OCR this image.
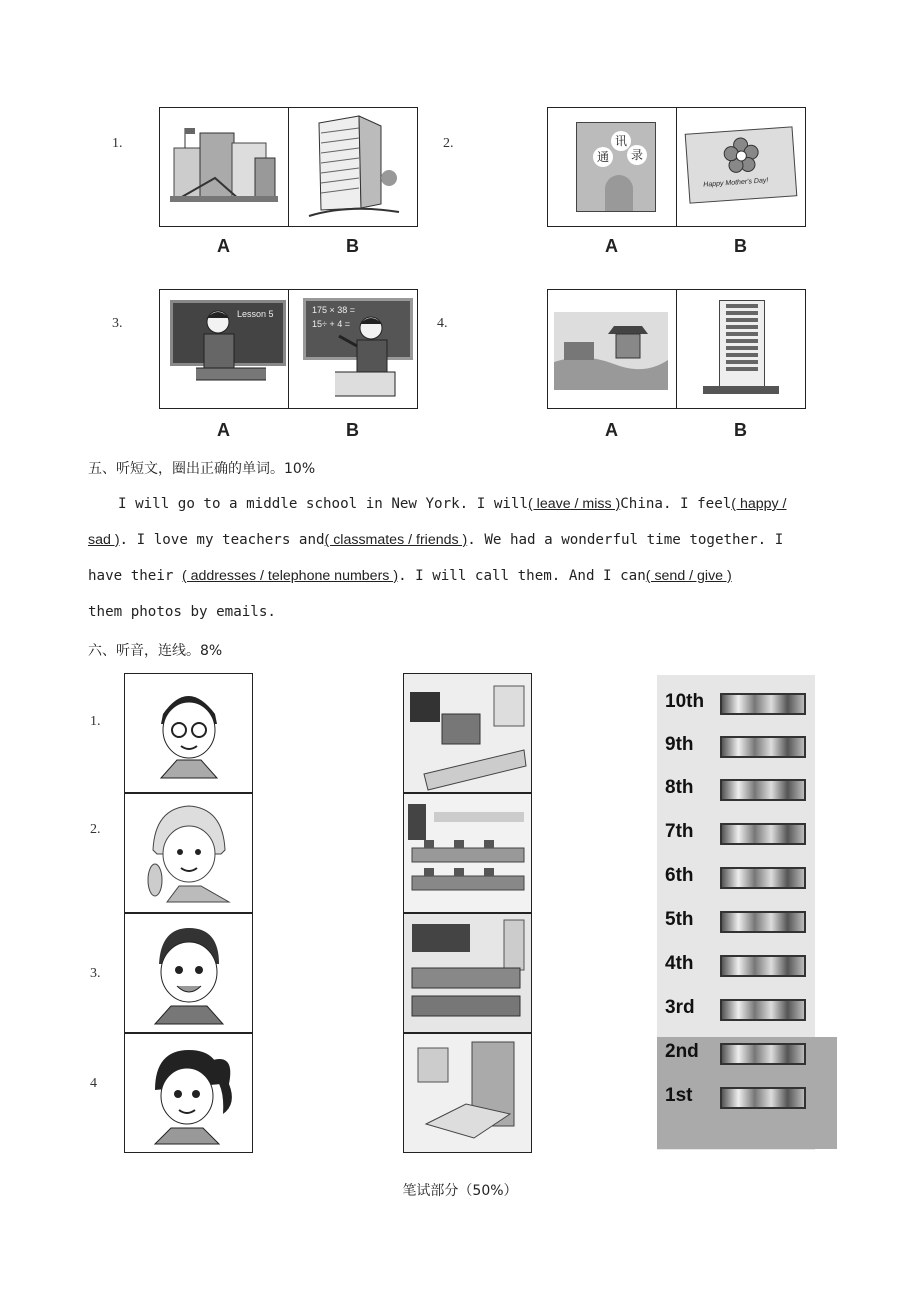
1.
A	B
2.	讯
通	录
Happy Mother's Day!
A	B
3.
Lesson 5	175 × 38 =
15÷ + 4 =
A	B
4.
A	B
五、听短文，圈出正确的单词。10%
I will go to a middle school in New York. I will( leave / miss )China. I feel( happy /
sad ). I love my teachers and( classmates / friends ). We had a wonderful time together. I
have their ( addresses / telephone numbers ). I will call them. And I can( send / give )
them photos by emails.
六、听音，连线。8%
1.
2.
3.
4
10th
9th
8th
7th
6th
5th
4th
3rd
2nd
1st
笔试部分（50%）
